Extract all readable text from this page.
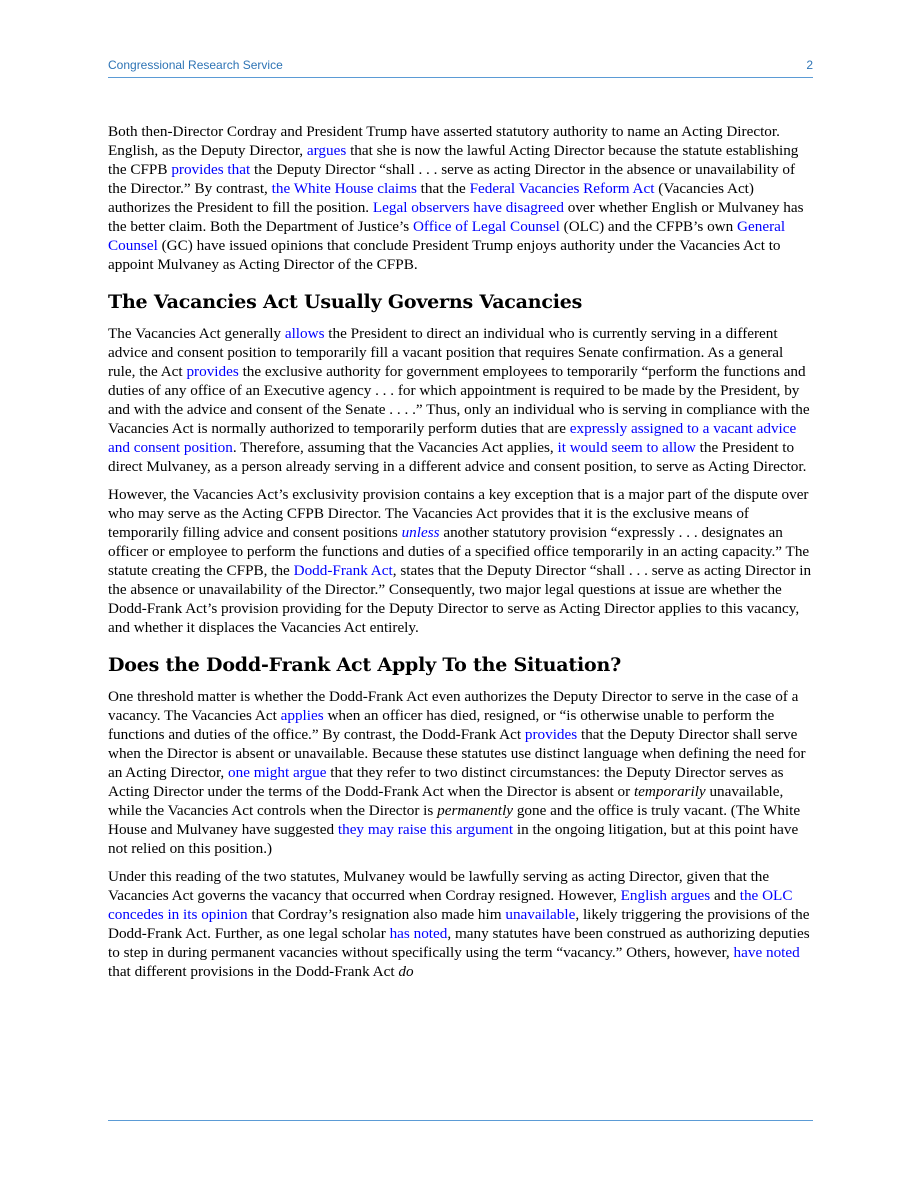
Congressional Research Service	2

Both then-Director Cordray and President Trump have asserted statutory authority to name an Acting Director. English, as the Deputy Director, argues that she is now the lawful Acting Director because the statute establishing the CFPB provides that the Deputy Director “shall . . . serve as acting Director in the absence or unavailability of the Director.” By contrast, the White House claims that the Federal Vacancies Reform Act (Vacancies Act) authorizes the President to fill the position. Legal observers have disagreed over whether English or Mulvaney has the better claim. Both the Department of Justice’s Office of Legal Counsel (OLC) and the CFPB’s own General Counsel (GC) have issued opinions that conclude President Trump enjoys authority under the Vacancies Act to appoint Mulvaney as Acting Director of the CFPB.

The Vacancies Act Usually Governs Vacancies

The Vacancies Act generally allows the President to direct an individual who is currently serving in a different advice and consent position to temporarily fill a vacant position that requires Senate confirmation. As a general rule, the Act provides the exclusive authority for government employees to temporarily “perform the functions and duties of any office of an Executive agency . . . for which appointment is required to be made by the President, by and with the advice and consent of the Senate . . . .” Thus, only an individual who is serving in compliance with the Vacancies Act is normally authorized to temporarily perform duties that are expressly assigned to a vacant advice and consent position. Therefore, assuming that the Vacancies Act applies, it would seem to allow the President to direct Mulvaney, as a person already serving in a different advice and consent position, to serve as Acting Director.

However, the Vacancies Act’s exclusivity provision contains a key exception that is a major part of the dispute over who may serve as the Acting CFPB Director. The Vacancies Act provides that it is the exclusive means of temporarily filling advice and consent positions unless another statutory provision “expressly . . . designates an officer or employee to perform the functions and duties of a specified office temporarily in an acting capacity.” The statute creating the CFPB, the Dodd-Frank Act, states that the Deputy Director “shall . . . serve as acting Director in the absence or unavailability of the Director.” Consequently, two major legal questions at issue are whether the Dodd-Frank Act’s provision providing for the Deputy Director to serve as Acting Director applies to this vacancy, and whether it displaces the Vacancies Act entirely.

Does the Dodd-Frank Act Apply To the Situation?

One threshold matter is whether the Dodd-Frank Act even authorizes the Deputy Director to serve in the case of a vacancy. The Vacancies Act applies when an officer has died, resigned, or “is otherwise unable to perform the functions and duties of the office.” By contrast, the Dodd-Frank Act provides that the Deputy Director shall serve when the Director is absent or unavailable. Because these statutes use distinct language when defining the need for an Acting Director, one might argue that they refer to two distinct circumstances: the Deputy Director serves as Acting Director under the terms of the Dodd-Frank Act when the Director is absent or temporarily unavailable, while the Vacancies Act controls when the Director is permanently gone and the office is truly vacant. (The White House and Mulvaney have suggested they may raise this argument in the ongoing litigation, but at this point have not relied on this position.)

Under this reading of the two statutes, Mulvaney would be lawfully serving as acting Director, given that the Vacancies Act governs the vacancy that occurred when Cordray resigned. However, English argues and the OLC concedes in its opinion that Cordray’s resignation also made him unavailable, likely triggering the provisions of the Dodd-Frank Act. Further, as one legal scholar has noted, many statutes have been construed as authorizing deputies to step in during permanent vacancies without specifically using the term “vacancy.” Others, however, have noted that different provisions in the Dodd-Frank Act do
